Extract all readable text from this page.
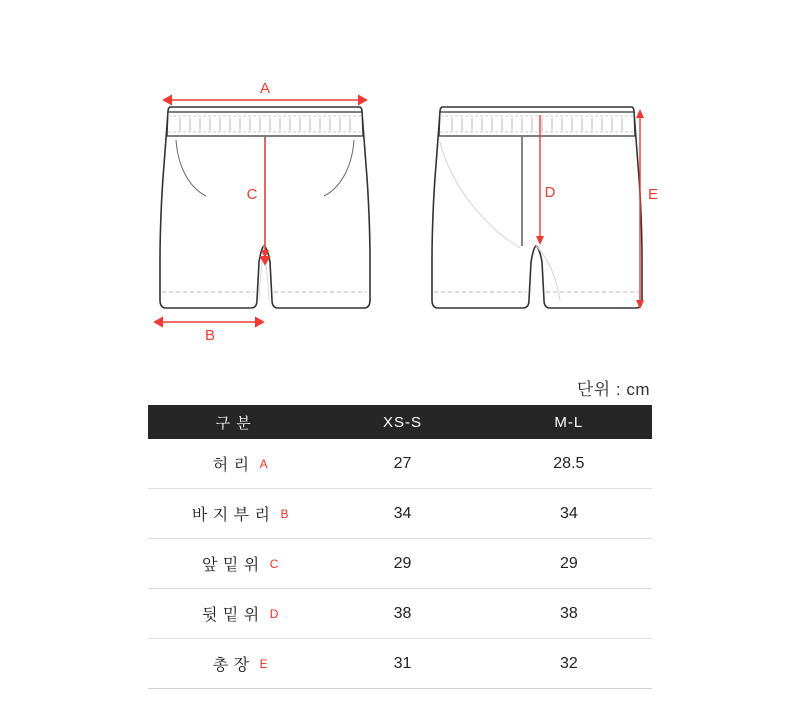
A
C
B
D	E
단위 : cm
구 분	XS-S	M-L
허 리 A	27	28.5
바 지 부 리 B	34	34
앞 밑 위 C	29	29
뒷 밑 위 D	38	38
총 장 E	31	32
